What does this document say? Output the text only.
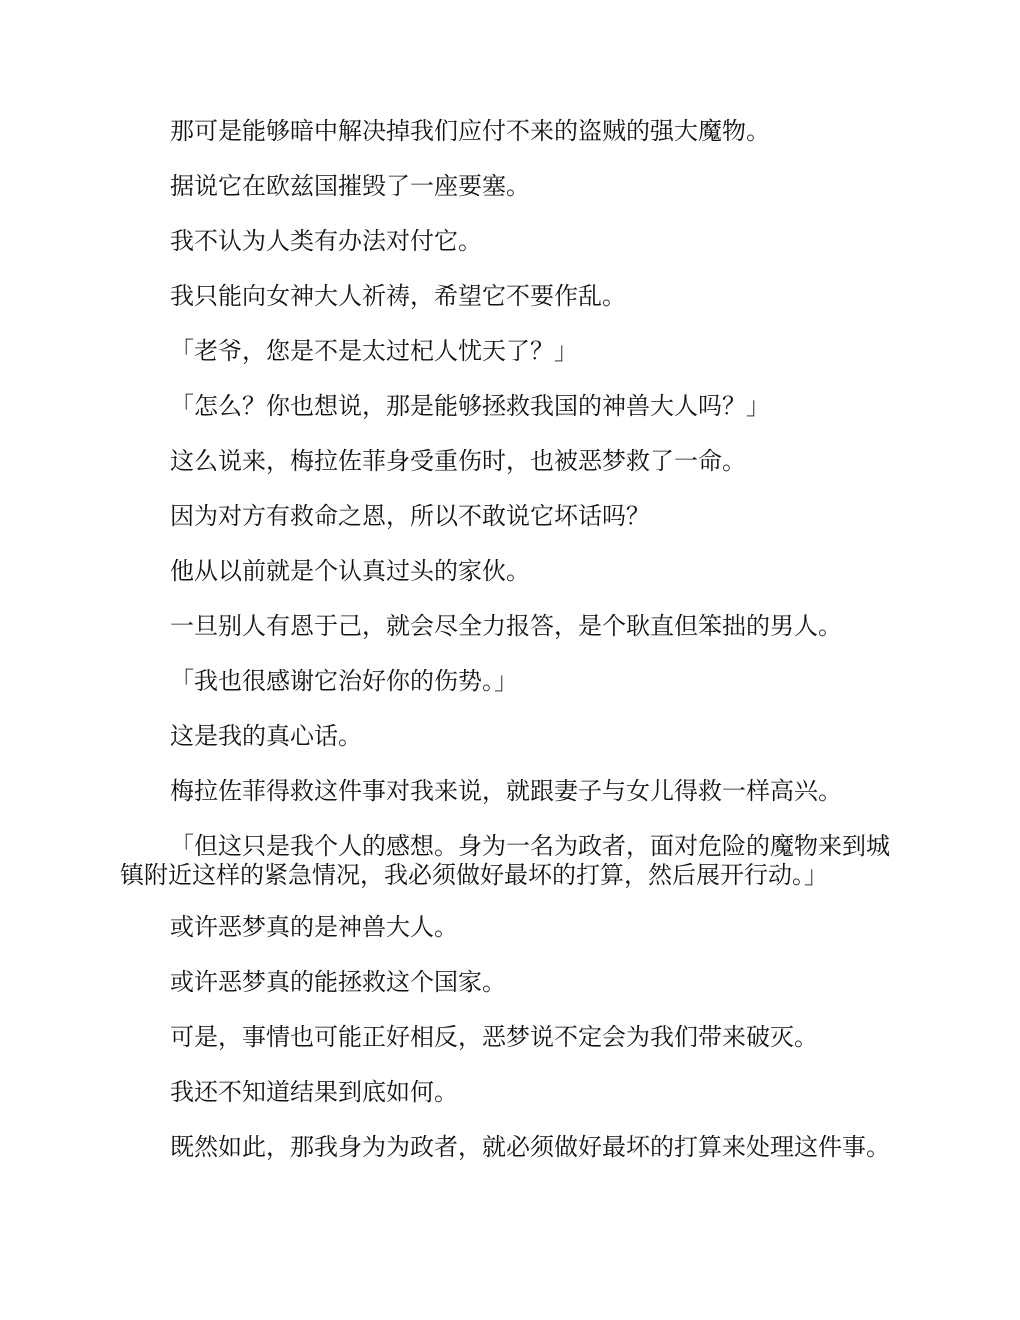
那可是能够暗中解决掉我们应付不来的盗贼的强大魔物。

据说它在欧兹国摧毁了一座要塞。

我不认为人类有办法对付它。

我只能向女神大人祈祷，希望它不要作乱。

「老爷，您是不是太过杞人忧天了？」

「怎么？你也想说，那是能够拯救我国的神兽大人吗？」

这么说来，梅拉佐菲身受重伤时，也被恶梦救了一命。

因为对方有救命之恩，所以不敢说它坏话吗？

他从以前就是个认真过头的家伙。

一旦别人有恩于己，就会尽全力报答，是个耿直但笨拙的男人。

「我也很感谢它治好你的伤势。」

这是我的真心话。

梅拉佐菲得救这件事对我来说，就跟妻子与女儿得救一样高兴。

「但这只是我个人的感想。身为一名为政者，面对危险的魔物来到城镇附近这样的紧急情况，我必须做好最坏的打算，然后展开行动。」

或许恶梦真的是神兽大人。

或许恶梦真的能拯救这个国家。

可是，事情也可能正好相反，恶梦说不定会为我们带来破灭。

我还不知道结果到底如何。

既然如此，那我身为为政者，就必须做好最坏的打算来处理这件事。
